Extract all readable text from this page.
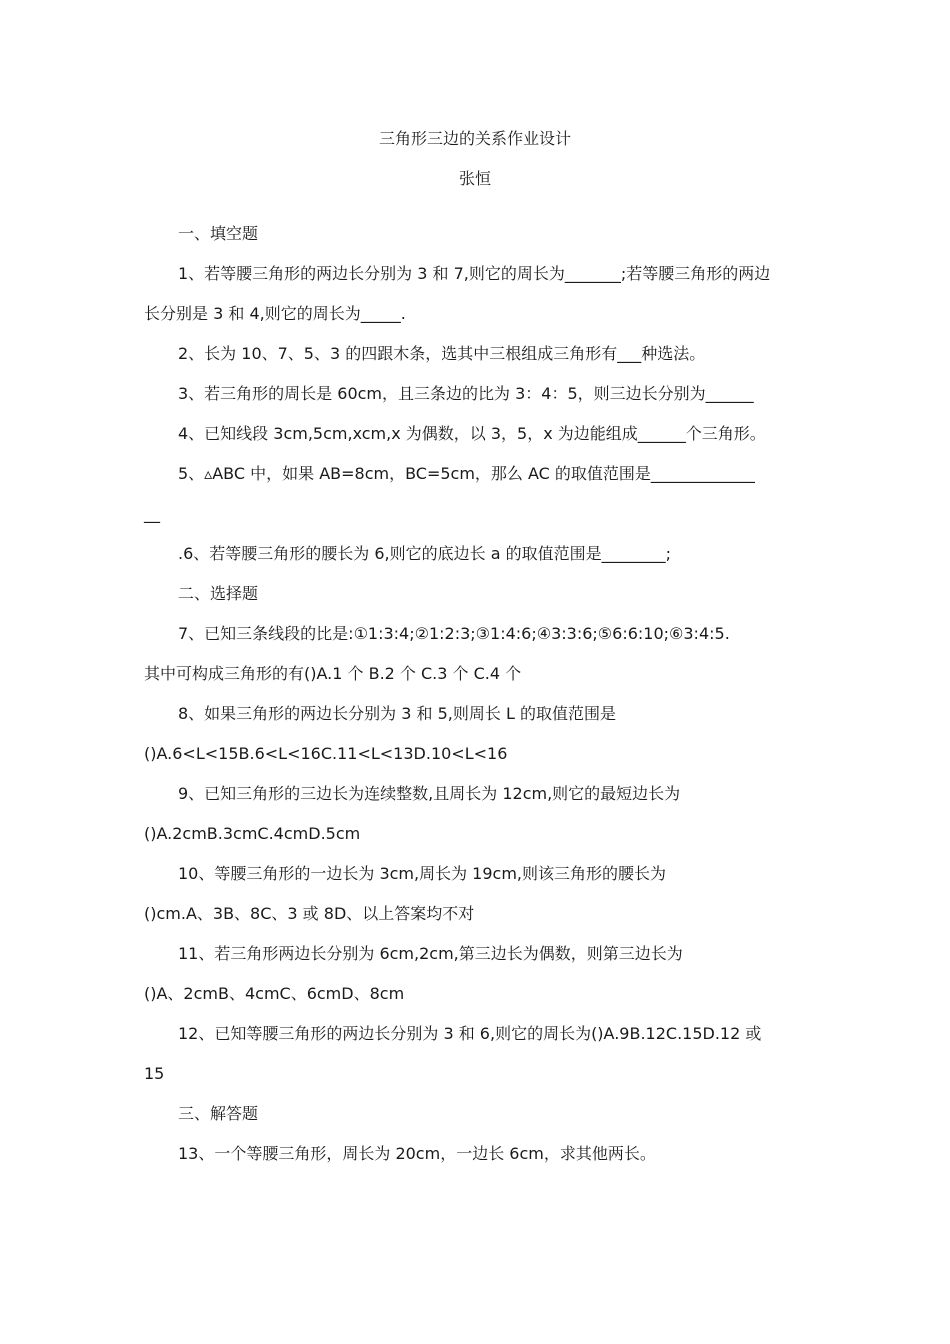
三角形三边的关系作业设计
张恒
一、填空题
1、若等腰三角形的两边长分别为 3 和 7,则它的周长为_______;若等腰三角形的两边
长分别是 3 和 4,则它的周长为_____.
2、长为 10、7、5、3 的四跟木条，选其中三根组成三角形有___种选法。
3、若三角形的周长是 60cm，且三条边的比为 3：4：5，则三边长分别为______
4、已知线段 3cm,5cm,xcm,x 为偶数，以 3，5，x 为边能组成______个三角形。
5、▵ABC 中，如果 AB=8cm，BC=5cm，那么 AC 的取值范围是_____________
__
.6、若等腰三角形的腰长为 6,则它的底边长 a 的取值范围是________;
二、选择题
7、已知三条线段的比是:①1:3:4;②1:2:3;③1:4:6;④3:3:6;⑤6:6:10;⑥3:4:5.
其中可构成三角形的有()A.1 个 B.2 个 C.3 个 C.4 个
8、如果三角形的两边长分别为 3 和 5,则周长 L 的取值范围是
()A.6<L<15B.6<L<16C.11<L<13D.10<L<16
9、已知三角形的三边长为连续整数,且周长为 12cm,则它的最短边长为
()A.2cmB.3cmC.4cmD.5cm
10、等腰三角形的一边长为 3cm,周长为 19cm,则该三角形的腰长为
()cm.A、3B、8C、3 或 8D、以上答案均不对
11、若三角形两边长分别为 6cm,2cm,第三边长为偶数，则第三边长为
()A、2cmB、4cmC、6cmD、8cm
12、已知等腰三角形的两边长分别为 3 和 6,则它的周长为()A.9B.12C.15D.12 或
15
三、解答题
13、一个等腰三角形，周长为 20cm，一边长 6cm，求其他两长。
